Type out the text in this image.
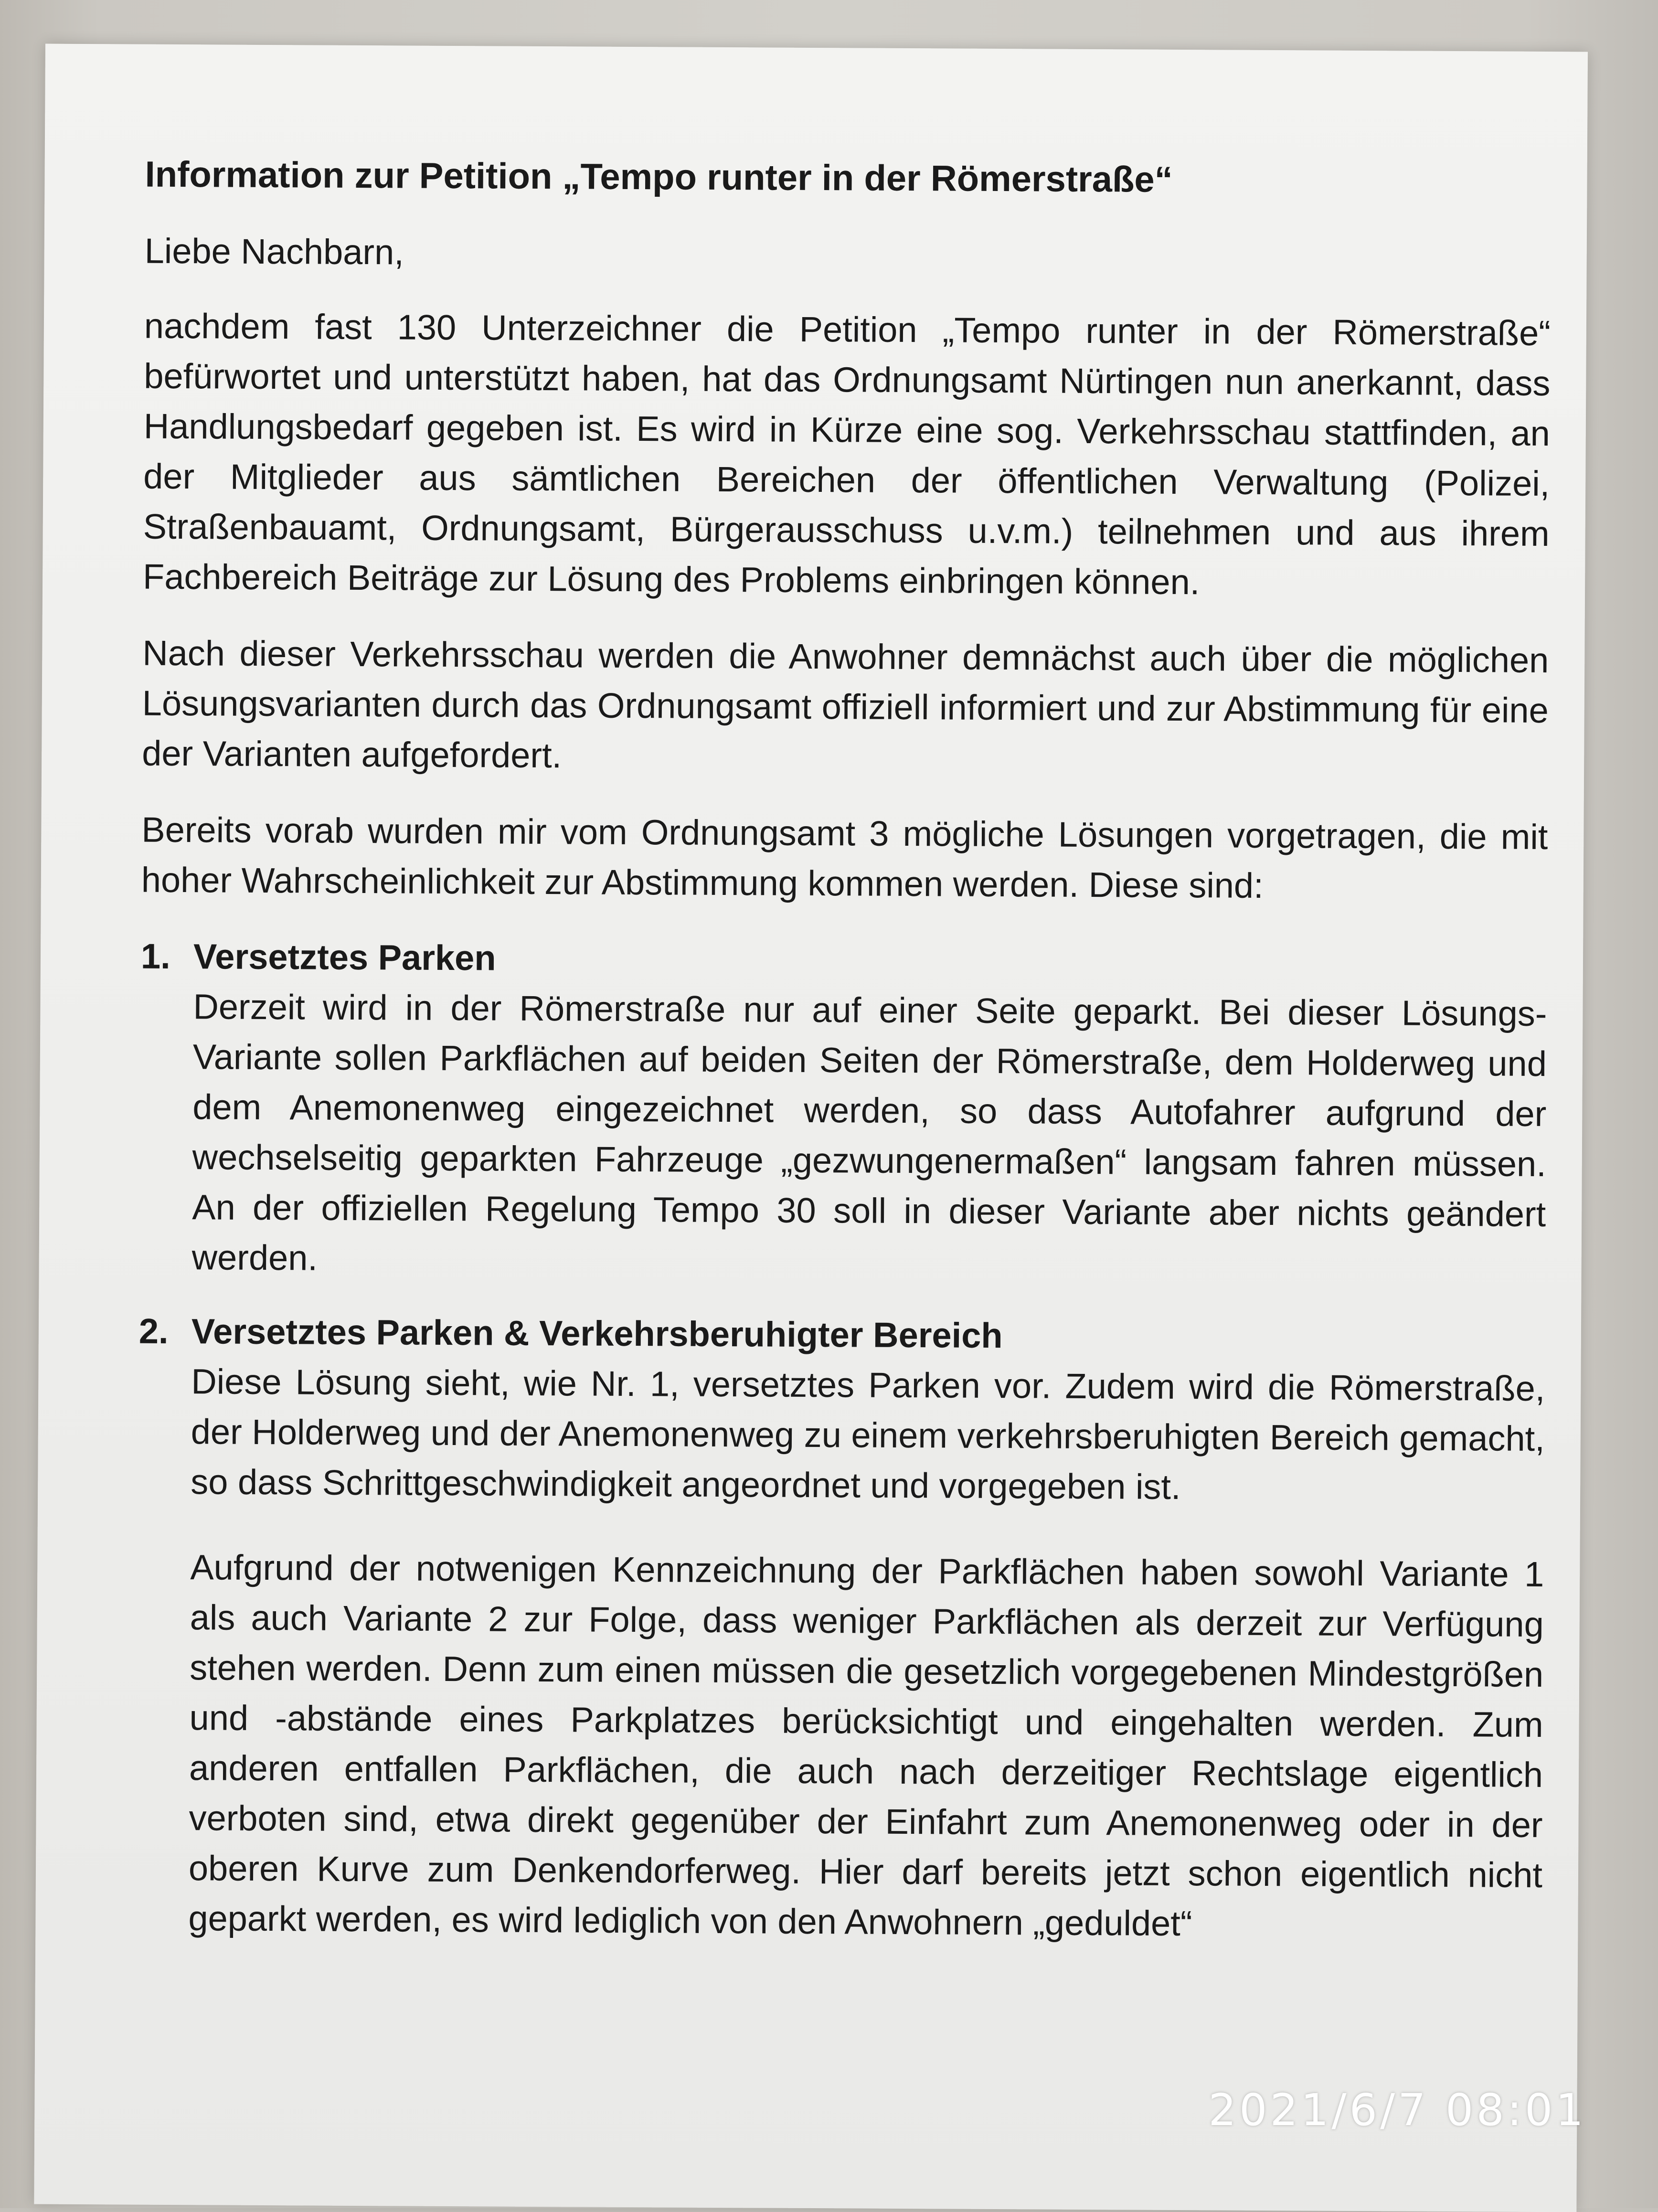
Information zur Petition „Tempo runter in der Römerstraße“
Liebe Nachbarn,

nachdem fast 130 Unterzeichner die Petition „Tempo runter in der Römerstraße“ befürwortet und unterstützt haben, hat das Ordnungsamt Nürtingen nun anerkannt, dass Handlungsbedarf gegeben ist. Es wird in Kürze eine sog. Verkehrsschau stattfinden, an der Mitglieder aus sämtlichen Bereichen der öffentlichen Verwaltung (Polizei, Straßenbauamt, Ordnungsamt, Bürgerausschuss u.v.m.) teilnehmen und aus ihrem Fachbereich Beiträge zur Lösung des Problems einbringen können.

Nach dieser Verkehrsschau werden die Anwohner demnächst auch über die möglichen Lösungsvarianten durch das Ordnungsamt offiziell informiert und zur Abstimmung für eine der Varianten aufgefordert.

Bereits vorab wurden mir vom Ordnungsamt 3 mögliche Lösungen vorgetragen, die mit hoher Wahrscheinlichkeit zur Abstimmung kommen werden. Diese sind:

1. Versetztes Parken
Derzeit wird in der Römerstraße nur auf einer Seite geparkt. Bei dieser Lösungs- Variante sollen Parkflächen auf beiden Seiten der Römerstraße, dem Holderweg und dem Anemonenweg eingezeichnet werden, so dass Autofahrer aufgrund der wechselseitig geparkten Fahrzeuge „gezwungenermaßen“ langsam fahren müssen. An der offiziellen Regelung Tempo 30 soll in dieser Variante aber nichts geändert werden.
2. Versetztes Parken & Verkehrsberuhigter Bereich
Diese Lösung sieht, wie Nr. 1, versetztes Parken vor. Zudem wird die Römerstraße, der Holderweg und der Anemonenweg zu einem verkehrsberuhigten Bereich gemacht, so dass Schrittgeschwindigkeit angeordnet und vorgegeben ist.

Aufgrund der notwenigen Kennzeichnung der Parkflächen haben sowohl Variante 1 als auch Variante 2 zur Folge, dass weniger Parkflächen als derzeit zur Verfügung stehen werden. Denn zum einen müssen die gesetzlich vorgegebenen Mindestgrößen und -abstände eines Parkplatzes berücksichtigt und eingehalten werden. Zum anderen entfallen Parkflächen, die auch nach derzeitiger Rechtslage eigentlich verboten sind, etwa direkt gegenüber der Einfahrt zum Anemonenweg oder in der oberen Kurve zum Denkendorferweg. Hier darf bereits jetzt schon eigentlich nicht geparkt werden, es wird lediglich von den Anwohnern „geduldet“

2021/6/7 08:01
